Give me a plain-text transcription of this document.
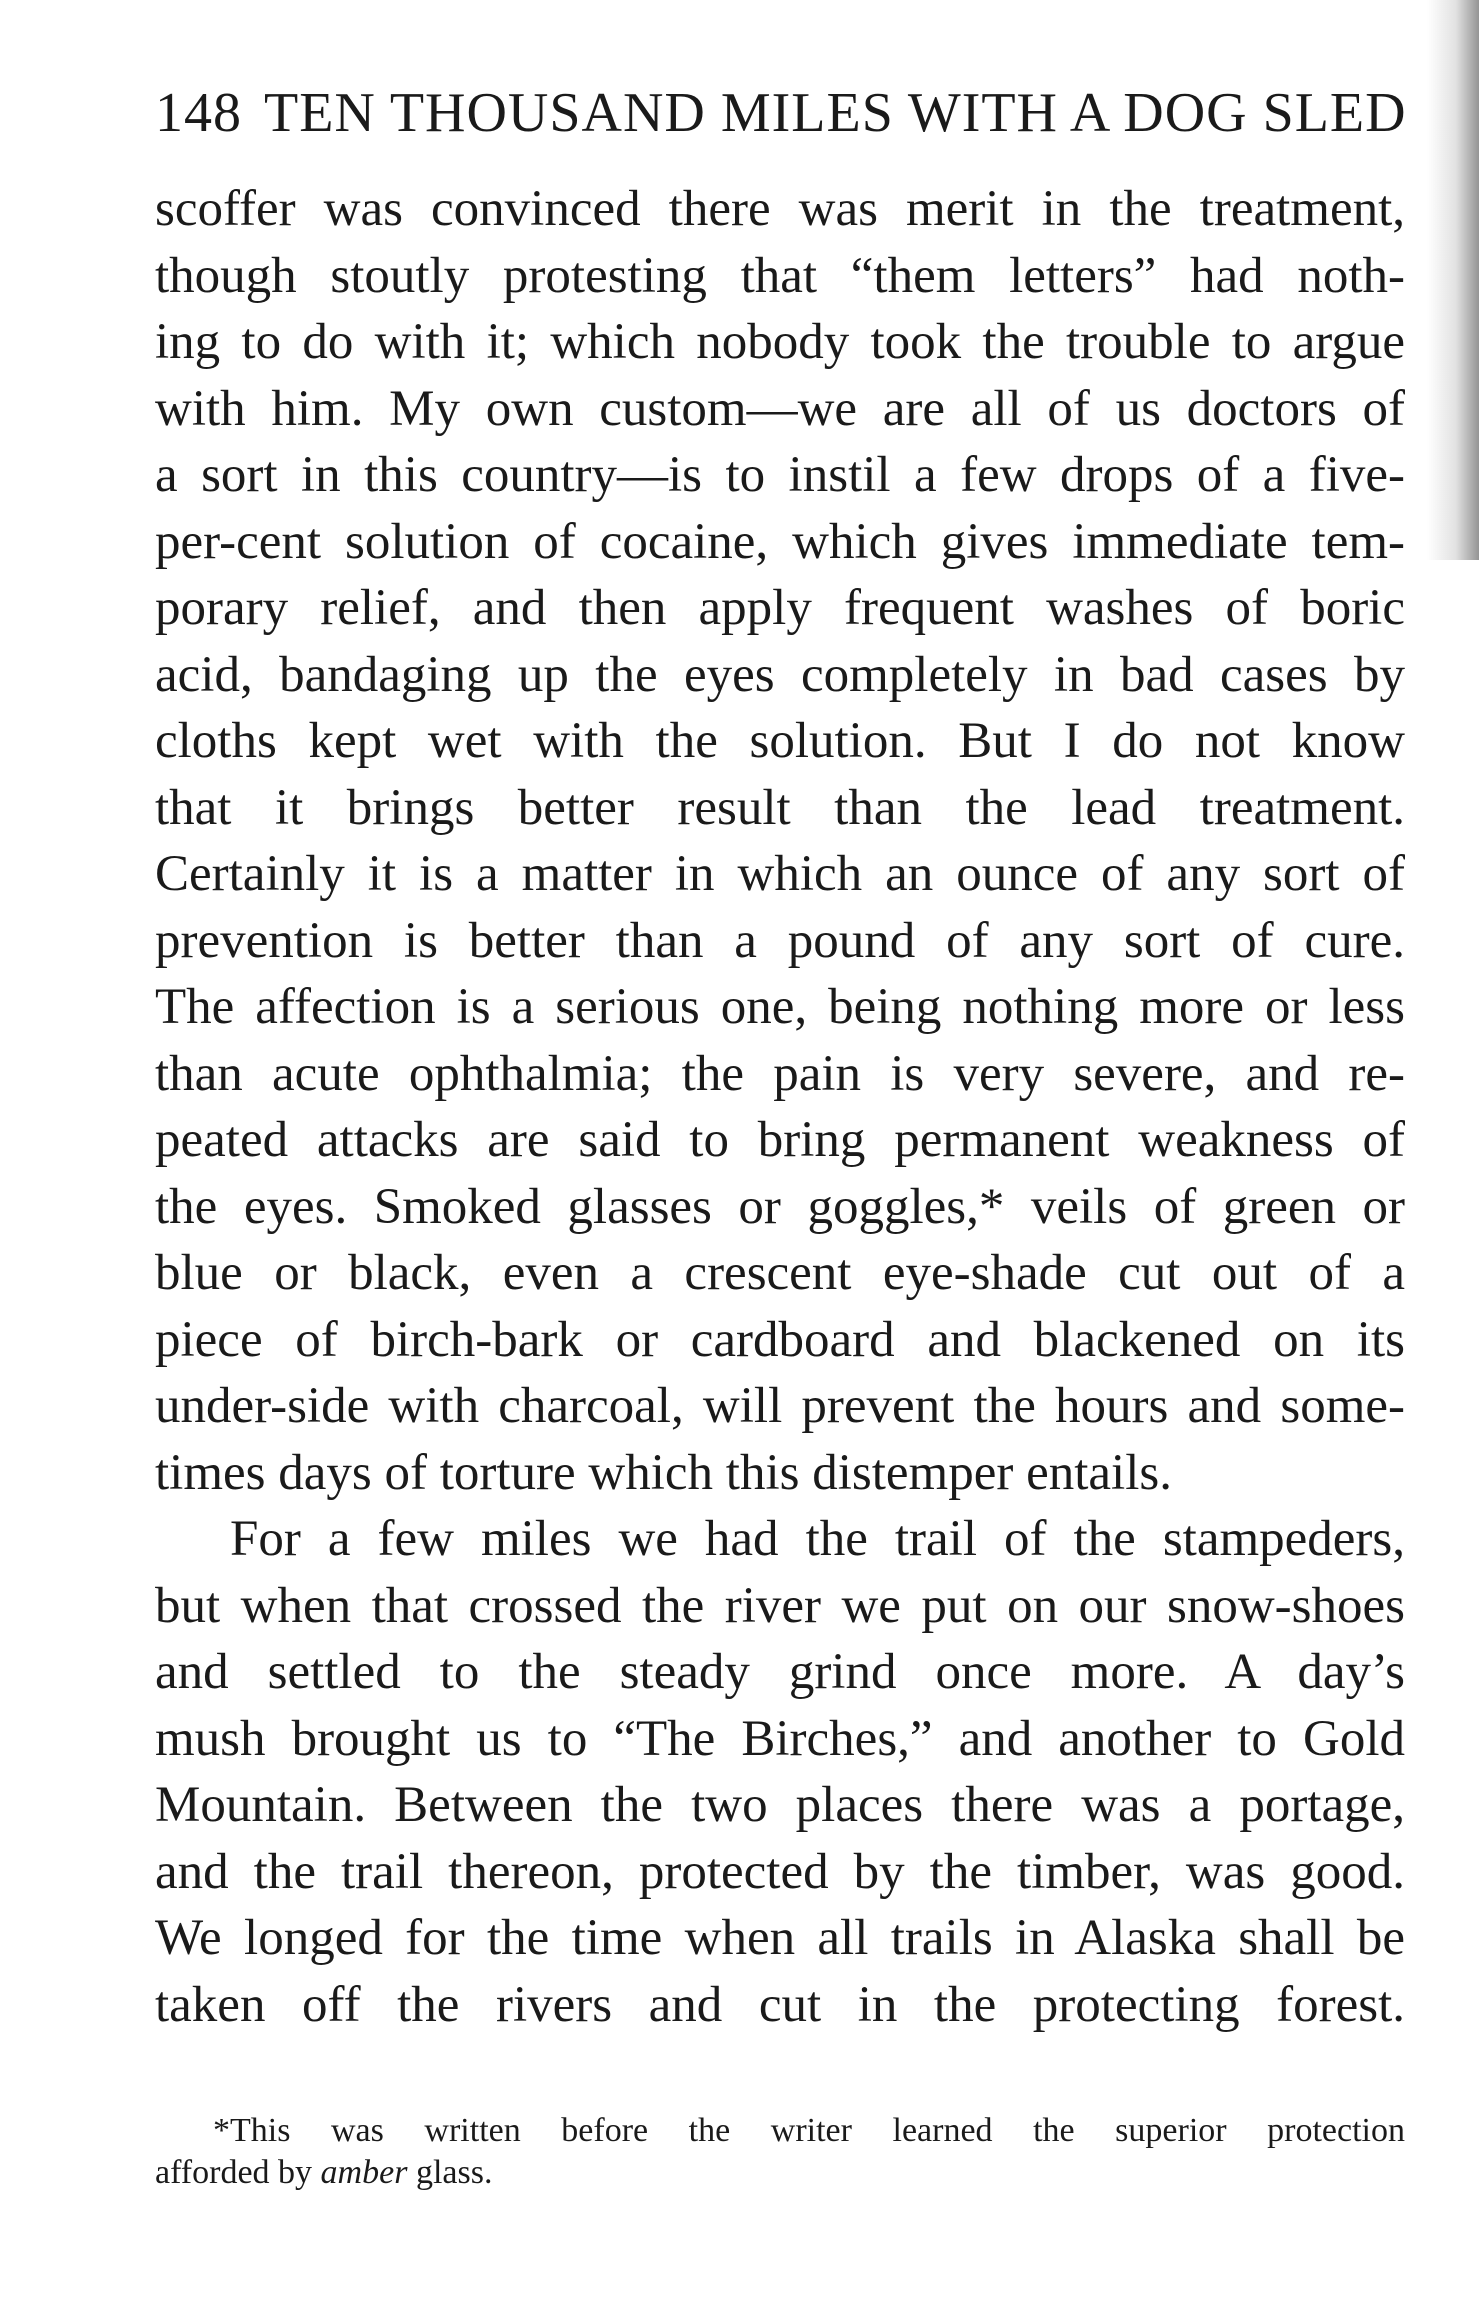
148 TEN THOUSAND MILES WITH A DOG SLED
scoffer was convinced there was merit in the treatment,
though stoutly protesting that “them letters” had noth-
ing to do with it; which nobody took the trouble to argue
with him. My own custom—we are all of us doctors of
a sort in this country—is to instil a few drops of a five-
per-cent solution of cocaine, which gives immediate tem-
porary relief, and then apply frequent washes of boric
acid, bandaging up the eyes completely in bad cases by
cloths kept wet with the solution. But I do not know
that it brings better result than the lead treatment.
Certainly it is a matter in which an ounce of any sort of
prevention is better than a pound of any sort of cure.
The affection is a serious one, being nothing more or less
than acute ophthalmia; the pain is very severe, and re-
peated attacks are said to bring permanent weakness of
the eyes. Smoked glasses or goggles,* veils of green or
blue or black, even a crescent eye-shade cut out of a
piece of birch-bark or cardboard and blackened on its
under-side with charcoal, will prevent the hours and some-
times days of torture which this distemper entails.
For a few miles we had the trail of the stampeders,
but when that crossed the river we put on our snow-shoes
and settled to the steady grind once more. A day’s
mush brought us to “The Birches,” and another to Gold
Mountain. Between the two places there was a portage,
and the trail thereon, protected by the timber, was good.
We longed for the time when all trails in Alaska shall be
taken off the rivers and cut in the protecting forest.
*This was written before the writer learned the superior protection
afforded by amber glass.
